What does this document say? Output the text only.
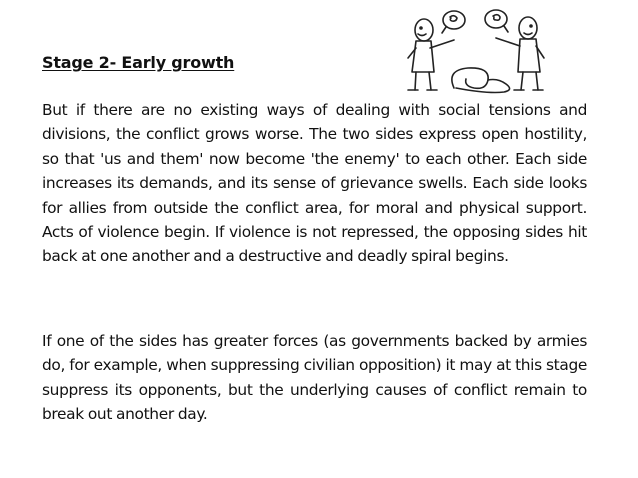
Stage 2- Early growth

But if there are no existing ways of dealing with social tensions and divisions, the conflict grows worse. The two sides express open hostility, so that 'us and them' now become 'the enemy' to each other. Each side increases its demands, and its sense of grievance swells. Each side looks for allies from outside the conflict area, for moral and physical support. Acts of violence begin. If violence is not repressed, the opposing sides hit back at one another and a destructive and deadly spiral begins.

If one of the sides has greater forces (as governments backed by armies do, for example, when suppressing civilian opposition) it may at this stage suppress its opponents, but the underlying causes of conflict remain to break out another day.
